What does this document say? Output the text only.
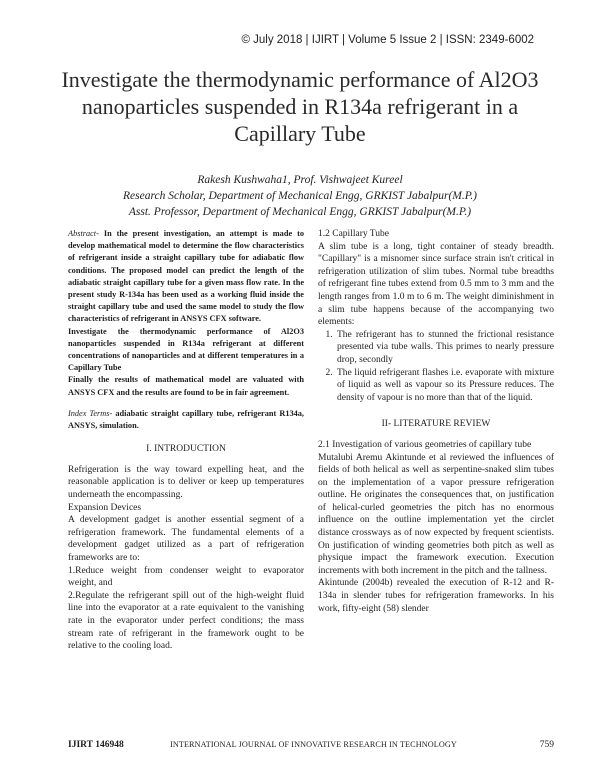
© July 2018 | IJIRT | Volume 5 Issue 2 | ISSN: 2349-6002
Investigate the thermodynamic performance of Al2O3 nanoparticles suspended in R134a refrigerant in a Capillary Tube
Rakesh Kushwaha1, Prof. Vishwajeet Kureel
Research Scholar, Department of Mechanical Engg, GRKIST Jabalpur(M.P.)
Asst. Professor, Department of Mechanical Engg, GRKIST Jabalpur(M.P.)

Abstract- In the present investigation, an attempt is made to develop mathematical model to determine the flow characteristics of refrigerant inside a straight capillary tube for adiabatic flow conditions. The proposed model can predict the length of the adiabatic straight capillary tube for a given mass flow rate. In the present study R-134a has been used as a working fluid inside the straight capillary tube and used the same model to study the flow characteristics of refrigerant in ANSYS CFX software.

Investigate the thermodynamic performance of Al2O3 nanoparticles suspended in R134a refrigerant at different concentrations of nanoparticles and at different temperatures in a Capillary Tube

Finally the results of mathematical model are valuated with ANSYS CFX and the results are found to be in fair agreement.

Index Terms- adiabatic straight capillary tube, refrigerant R134a, ANSYS, simulation.
I. INTRODUCTION

Refrigeration is the way toward expelling heat, and the reasonable application is to deliver or keep up temperatures underneath the encompassing.

Expansion Devices

A development gadget is another essential segment of a refrigeration framework. The fundamental elements of a development gadget utilized as a part of refrigeration frameworks are to:

1.Reduce weight from condenser weight to evaporator weight, and

2.Regulate the refrigerant spill out of the high-weight fluid line into the evaporator at a rate equivalent to the vanishing rate in the evaporator under perfect conditions; the mass stream rate of refrigerant in the framework ought to be relative to the cooling load.

1.2 Capillary Tube

A slim tube is a long, tight container of steady breadth. "Capillary" is a misnomer since surface strain isn't critical in refrigeration utilization of slim tubes. Normal tube breadths of refrigerant fine tubes extend from 0.5 mm to 3 mm and the length ranges from 1.0 m to 6 m. The weight diminishment in a slim tube happens because of the accompanying two elements:

1. The refrigerant has to stunned the frictional resistance presented via tube walls. This primes to nearly pressure drop, secondly
2. The liquid refrigerant flashes i.e. evaporate with mixture of liquid as well as vapour so its Pressure reduces. The density of vapour is no more than that of the liquid.
II- LITERATURE REVIEW

2.1 Investigation of various geometries of capillary tube

Mutalubi Aremu Akintunde et al reviewed the influences of fields of both helical as well as serpentine-snaked slim tubes on the implementation of a vapor pressure refrigeration outline. He originates the consequences that, on justification of helical-curled geometries the pitch has no enormous influence on the outline implementation yet the circlet distance crossways as of now expected by frequent scientists. On justification of winding geometries both pitch as well as physique impact the framework execution. Execution increments with both increment in the pitch and the tallness.

Akintunde (2004b) revealed the execution of R-12 and R-134a in slender tubes for refrigeration frameworks. In his work, fifty-eight (58) slender

IJIRT 146948	INTERNATIONAL JOURNAL OF INNOVATIVE RESEARCH IN TECHNOLOGY	759
